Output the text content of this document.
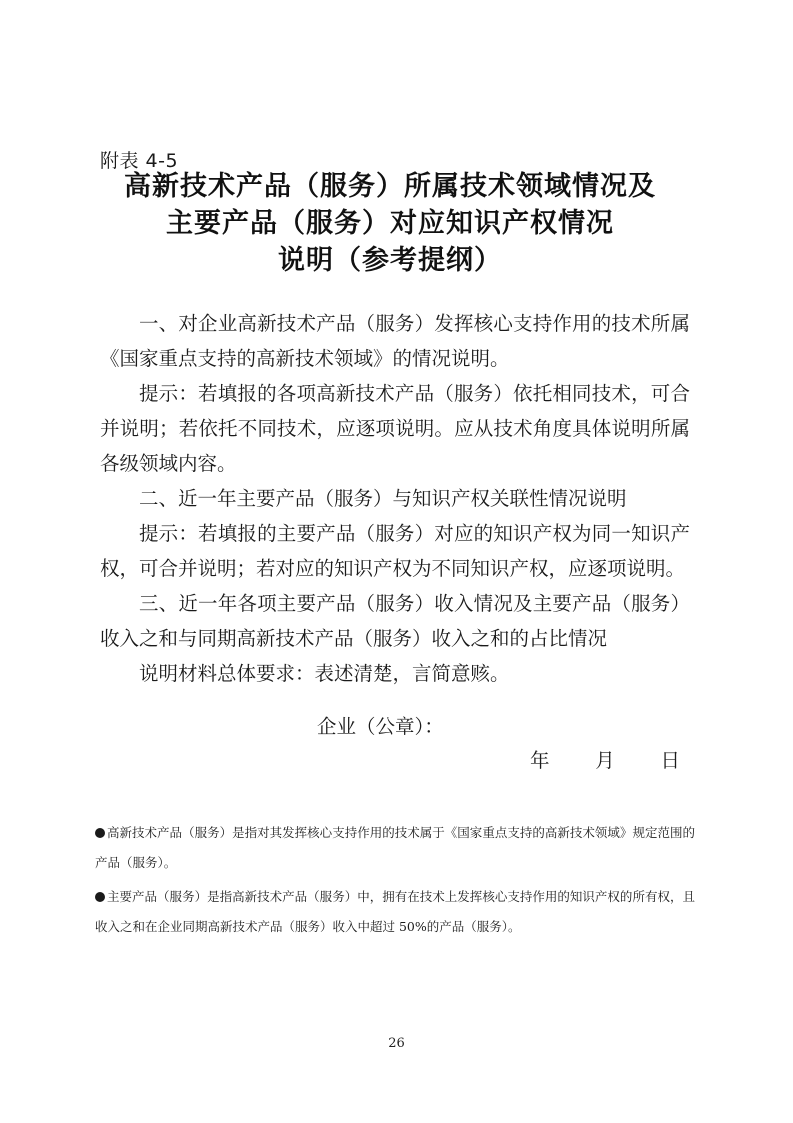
附表 4-5
高新技术产品（服务）所属技术领域情况及
主要产品（服务）对应知识产权情况
说明（参考提纲）

一、对企业高新技术产品（服务）发挥核心支持作用的技术所属《国家重点支持的高新技术领域》的情况说明。

提示：若填报的各项高新技术产品（服务）依托相同技术，可合并说明；若依托不同技术，应逐项说明。应从技术角度具体说明所属各级领域内容。

二、近一年主要产品（服务）与知识产权关联性情况说明

提示：若填报的主要产品（服务）对应的知识产权为同一知识产权，可合并说明；若对应的知识产权为不同知识产权，应逐项说明。

三、近一年各项主要产品（服务）收入情况及主要产品（服务）收入之和与同期高新技术产品（服务）收入之和的占比情况

说明材料总体要求：表述清楚，言简意赅。

企业（公章）：
年 月 日

高新技术产品（服务）是指对其发挥核心支持作用的技术属于《国家重点支持的高新技术领域》规定范围的产品（服务）。

主要产品（服务）是指高新技术产品（服务）中，拥有在技术上发挥核心支持作用的知识产权的所有权，且收入之和在企业同期高新技术产品（服务）收入中超过 50%的产品（服务）。

26
